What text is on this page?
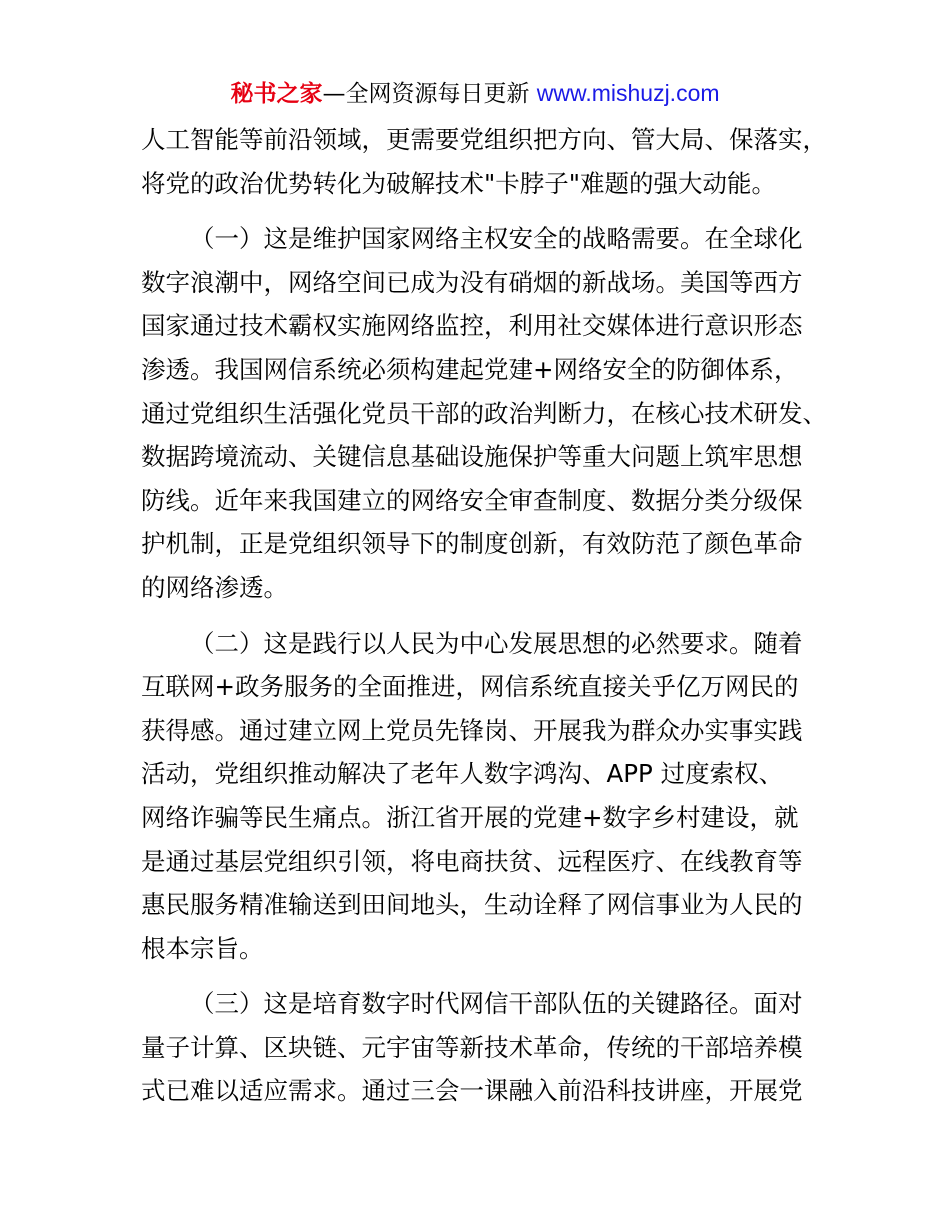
秘书之家—全网资源每日更新 www.mishuzj.com
人工智能等前沿领域，更需要党组织把方向、管大局、保落实，
将党的政治优势转化为破解技术"卡脖子"难题的强大动能。
（一）这是维护国家网络主权安全的战略需要。在全球化
数字浪潮中，网络空间已成为没有硝烟的新战场。美国等西方
国家通过技术霸权实施网络监控，利用社交媒体进行意识形态
渗透。我国网信系统必须构建起党建+网络安全的防御体系，
通过党组织生活强化党员干部的政治判断力，在核心技术研发、
数据跨境流动、关键信息基础设施保护等重大问题上筑牢思想
防线。近年来我国建立的网络安全审查制度、数据分类分级保
护机制，正是党组织领导下的制度创新，有效防范了颜色革命
的网络渗透。
（二）这是践行以人民为中心发展思想的必然要求。随着
互联网+政务服务的全面推进，网信系统直接关乎亿万网民的
获得感。通过建立网上党员先锋岗、开展我为群众办实事实践
活动，党组织推动解决了老年人数字鸿沟、APP 过度索权、
网络诈骗等民生痛点。浙江省开展的党建+数字乡村建设，就
是通过基层党组织引领，将电商扶贫、远程医疗、在线教育等
惠民服务精准输送到田间地头，生动诠释了网信事业为人民的
根本宗旨。
（三）这是培育数字时代网信干部队伍的关键路径。面对
量子计算、区块链、元宇宙等新技术革命，传统的干部培养模
式已难以适应需求。通过三会一课融入前沿科技讲座，开展党
